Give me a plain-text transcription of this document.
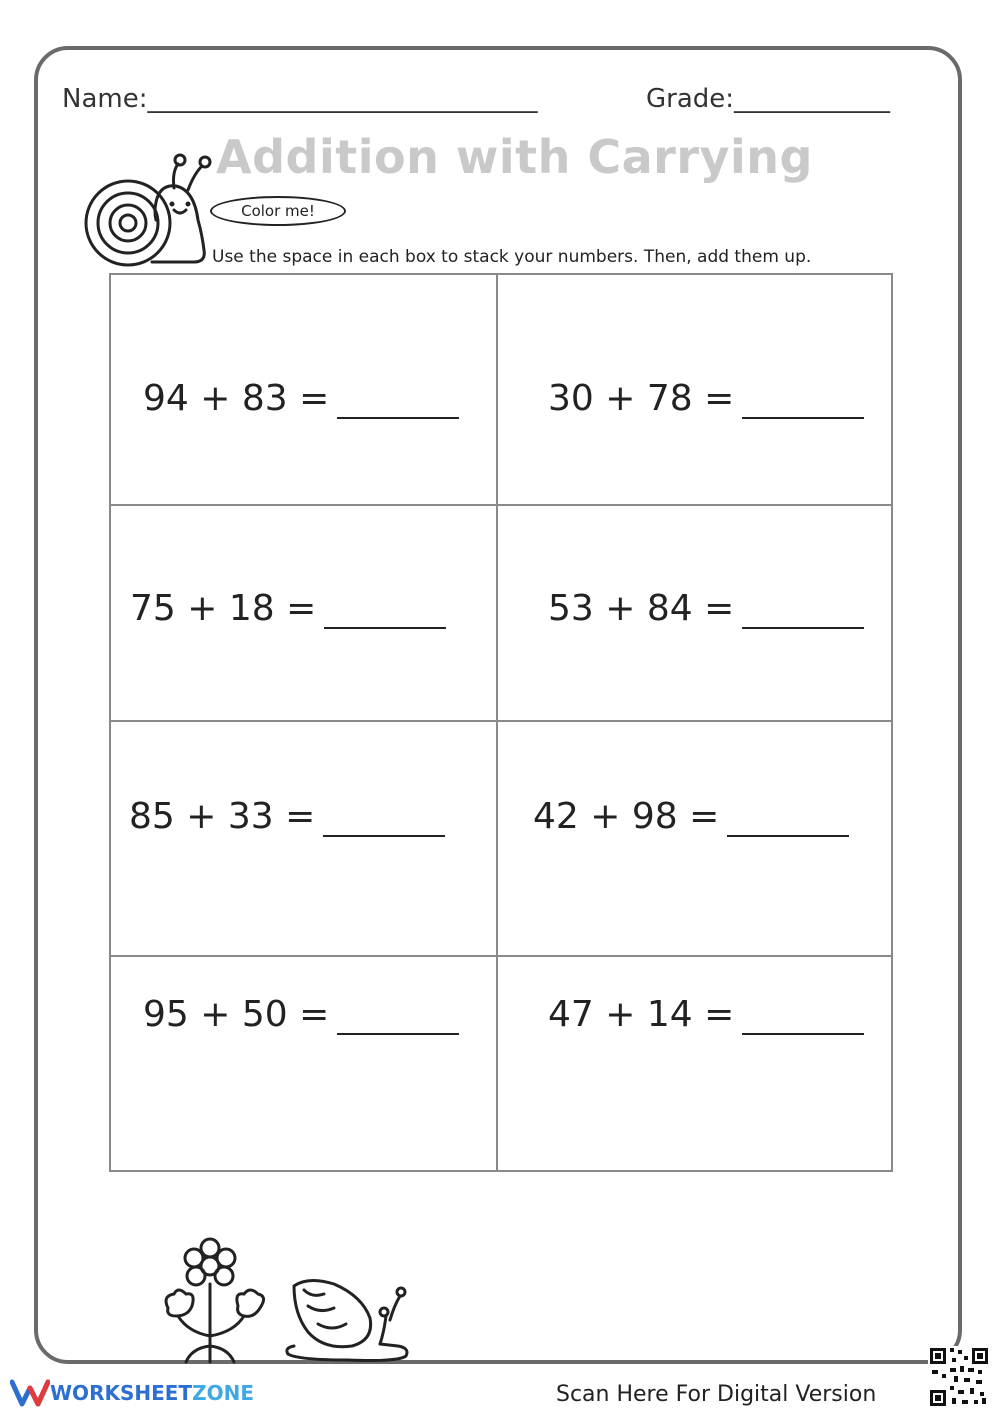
Name:______________________________	Grade:____________
Addition with Carrying
Color me!
Use the space in each box to stack your numbers. Then, add them up.
94 + 83 =	30 + 78 =
75 + 18 =	53 + 84 =
85 + 33 =	42 + 98 =
95 + 50 =	47 + 14 =
WORKSHEET ZONE	Scan Here For Digital Version
